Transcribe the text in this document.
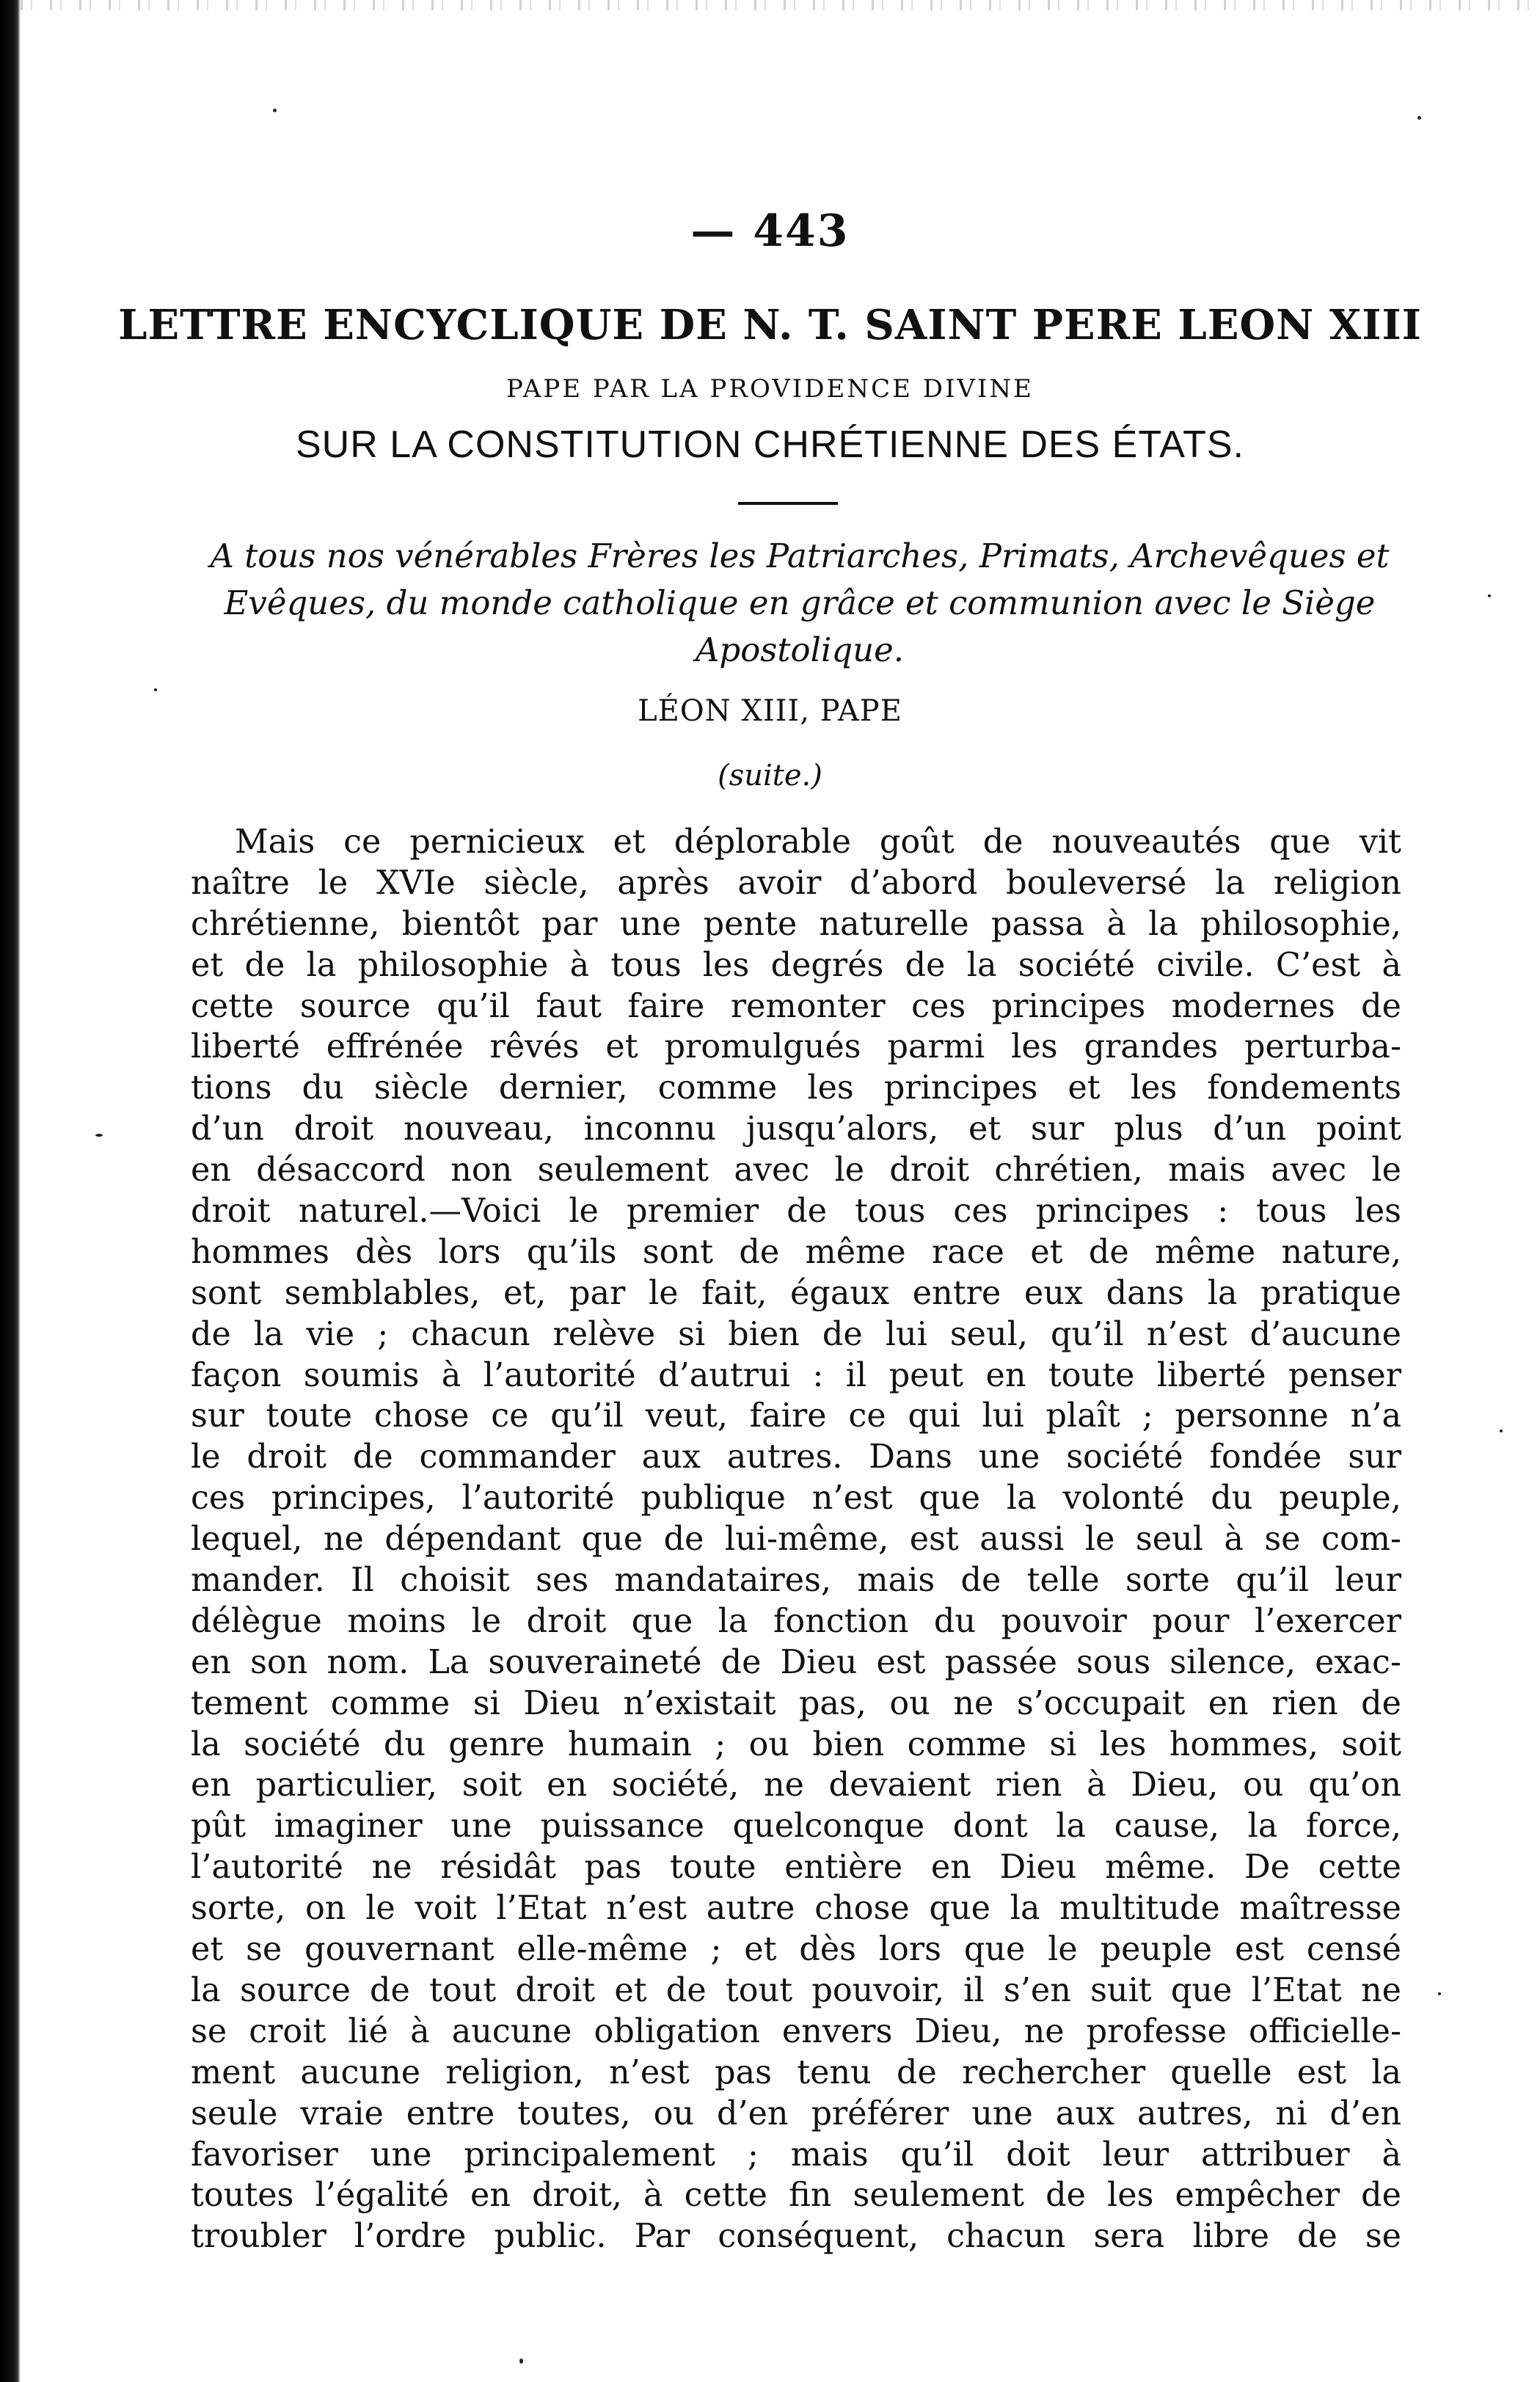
— 443
LETTRE ENCYCLIQUE DE N. T. SAINT PERE LEON XIII
PAPE PAR LA PROVIDENCE DIVINE
SUR LA CONSTITUTION CHRÉTIENNE DES ÉTATS.
A tous nos vénérables Frères les Patriarches, Primats, Archevêques et Evêques, du monde catholique en grâce et communion avec le Siège Apostolique.
LÉON XIII, PAPE
(suite.)
Mais ce pernicieux et déplorable goût de nouveautés que vit
naître le XVIe siècle, après avoir d’abord bouleversé la religion
chrétienne, bientôt par une pente naturelle passa à la philosophie,
et de la philosophie à tous les degrés de la société civile. C’est à
cette source qu’il faut faire remonter ces principes modernes de
liberté effrénée rêvés et promulgués parmi les grandes perturba-
tions du siècle dernier, comme les principes et les fondements
d’un droit nouveau, inconnu jusqu’alors, et sur plus d’un point
en désaccord non seulement avec le droit chrétien, mais avec le
droit naturel.—Voici le premier de tous ces principes : tous les
hommes dès lors qu’ils sont de même race et de même nature,
sont semblables, et, par le fait, égaux entre eux dans la pratique
de la vie ; chacun relève si bien de lui seul, qu’il n’est d’aucune
façon soumis à l’autorité d’autrui : il peut en toute liberté penser
sur toute chose ce qu’il veut, faire ce qui lui plaît ; personne n’a
le droit de commander aux autres. Dans une société fondée sur
ces principes, l’autorité publique n’est que la volonté du peuple,
lequel, ne dépendant que de lui-même, est aussi le seul à se com-
mander. Il choisit ses mandataires, mais de telle sorte qu’il leur
délègue moins le droit que la fonction du pouvoir pour l’exercer
en son nom. La souveraineté de Dieu est passée sous silence, exac-
tement comme si Dieu n’existait pas, ou ne s’occupait en rien de
la société du genre humain ; ou bien comme si les hommes, soit
en particulier, soit en société, ne devaient rien à Dieu, ou qu’on
pût imaginer une puissance quelconque dont la cause, la force,
l’autorité ne résidât pas toute entière en Dieu même. De cette
sorte, on le voit l’Etat n’est autre chose que la multitude maîtresse
et se gouvernant elle-même ; et dès lors que le peuple est censé
la source de tout droit et de tout pouvoir, il s’en suit que l’Etat ne
se croit lié à aucune obligation envers Dieu, ne professe officielle-
ment aucune religion, n’est pas tenu de rechercher quelle est la
seule vraie entre toutes, ou d’en préférer une aux autres, ni d’en
favoriser une principalement ; mais qu’il doit leur attribuer à
toutes l’égalité en droit, à cette fin seulement de les empêcher de
troubler l’ordre public. Par conséquent, chacun sera libre de se
